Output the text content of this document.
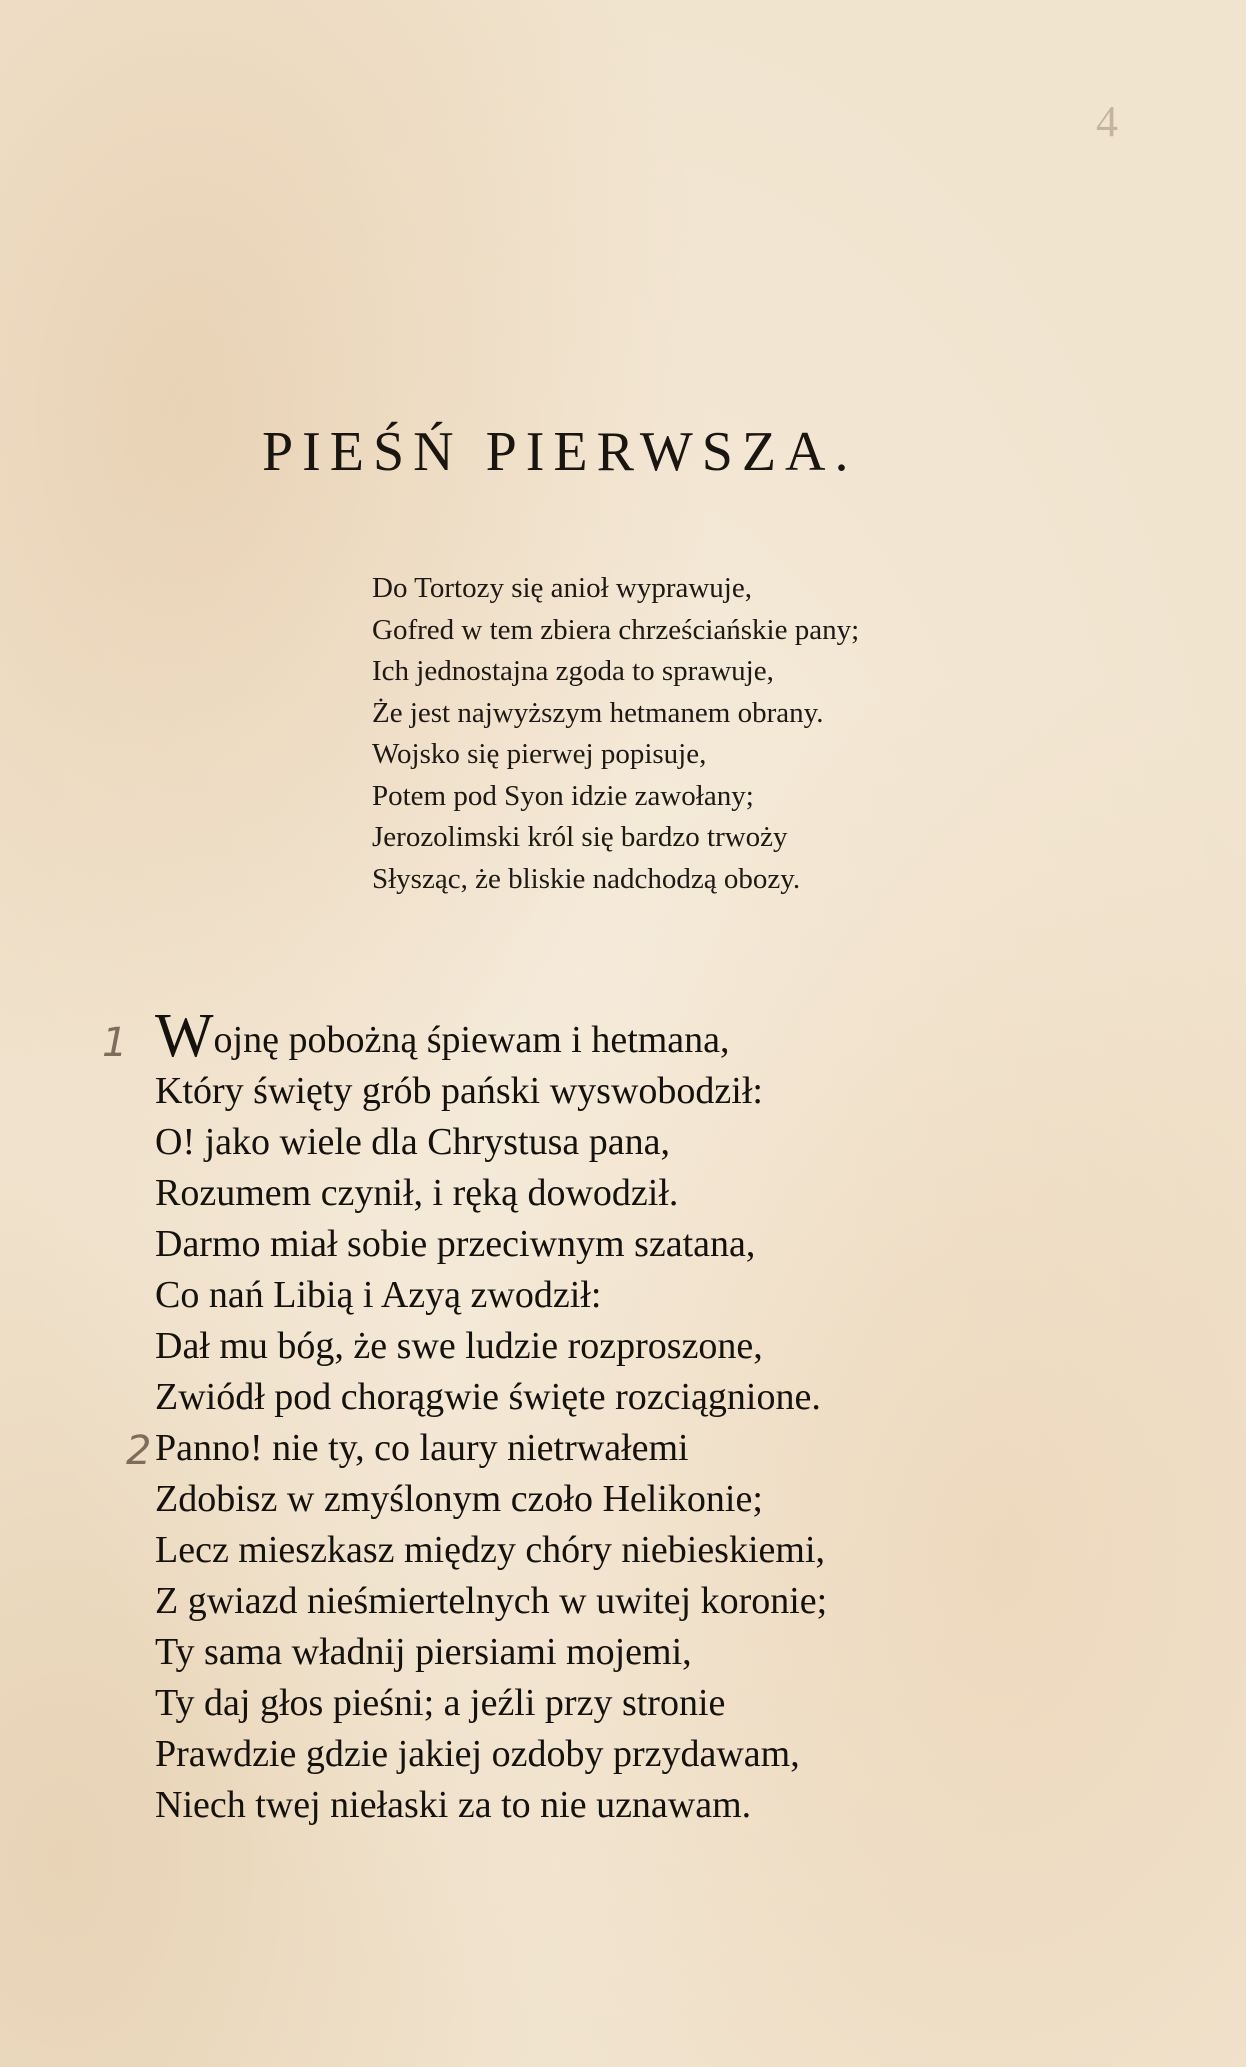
4
PIEŚŃ PIERWSZA.
Do Tortozy się anioł wyprawuje,
Gofred w tem zbiera chrześciańskie pany;
Ich jednostajna zgoda to sprawuje,
Że jest najwyższym hetmanem obrany.
Wojsko się pierwej popisuje,
Potem pod Syon idzie zawołany;
Jerozolimski król się bardzo trwoży
Słysząc, że bliskie nadchodzą obozy.
1
2
Wojnę pobożną śpiewam i hetmana,
Który święty grób pański wyswobodził:
O! jako wiele dla Chrystusa pana,
Rozumem czynił, i ręką dowodził.
Darmo miał sobie przeciwnym szatana,
Co nań Libią i Azyą zwodził:
Dał mu bóg, że swe ludzie rozproszone,
Zwiódł pod chorągwie święte rozciągnione.
Panno! nie ty, co laury nietrwałemi
Zdobisz w zmyślonym czoło Helikonie;
Lecz mieszkasz między chóry niebieskiemi,
Z gwiazd nieśmiertelnych w uwitej koronie;
Ty sama władnij piersiami mojemi,
Ty daj głos pieśni; a jeźli przy stronie
Prawdzie gdzie jakiej ozdoby przydawam,
Niech twej niełaski za to nie uznawam.
